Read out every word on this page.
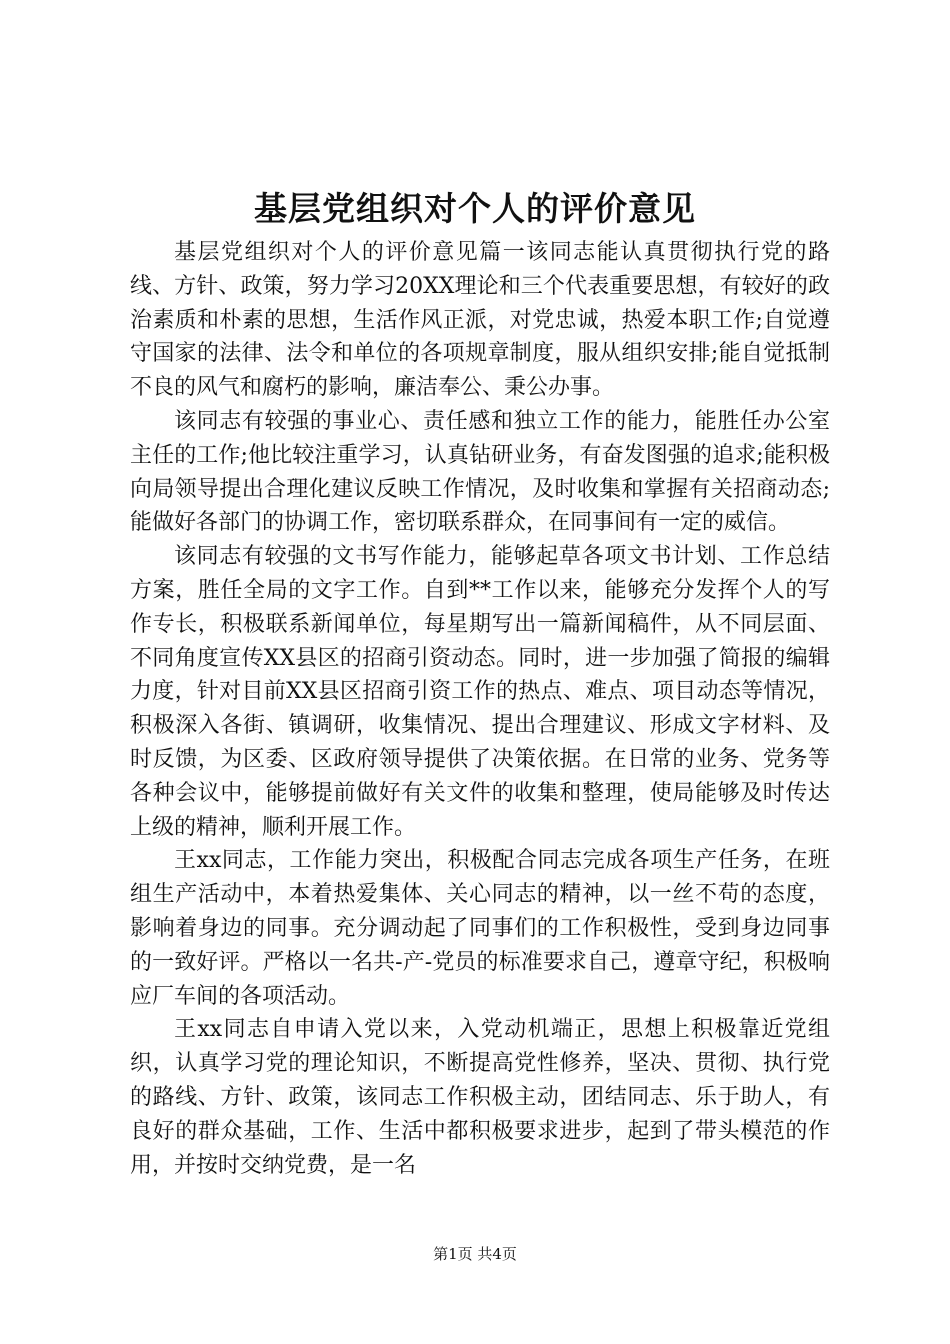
基层党组织对个人的评价意见

基层党组织对个人的评价意见篇一该同志能认真贯彻执行党的路线、方针、政策，努力学习20XX理论和三个代表重要思想，有较好的政治素质和朴素的思想，生活作风正派，对党忠诚，热爱本职工作;自觉遵守国家的法律、法令和单位的各项规章制度，服从组织安排;能自觉抵制不良的风气和腐朽的影响，廉洁奉公、秉公办事。

该同志有较强的事业心、责任感和独立工作的能力，能胜任办公室主任的工作;他比较注重学习，认真钻研业务，有奋发图强的追求;能积极向局领导提出合理化建议反映工作情况，及时收集和掌握有关招商动态;能做好各部门的协调工作，密切联系群众，在同事间有一定的威信。

该同志有较强的文书写作能力，能够起草各项文书计划、工作总结方案，胜任全局的文字工作。自到**工作以来，能够充分发挥个人的写作专长，积极联系新闻单位，每星期写出一篇新闻稿件，从不同层面、不同角度宣传XX县区的招商引资动态。同时，进一步加强了简报的编辑力度，针对目前XX县区招商引资工作的热点、难点、项目动态等情况，积极深入各街、镇调研，收集情况、提出合理建议、形成文字材料、及时反馈，为区委、区政府领导提供了决策依据。在日常的业务、党务等各种会议中，能够提前做好有关文件的收集和整理，使局能够及时传达上级的精神，顺利开展工作。

王xx同志，工作能力突出，积极配合同志完成各项生产任务，在班组生产活动中，本着热爱集体、关心同志的精神，以一丝不苟的态度，影响着身边的同事。充分调动起了同事们的工作积极性，受到身边同事的一致好评。严格以一名共-产-党员的标准要求自己，遵章守纪，积极响应厂车间的各项活动。

王xx同志自申请入党以来，入党动机端正，思想上积极靠近党组织，认真学习党的理论知识，不断提高党性修养，坚决、贯彻、执行党的路线、方针、政策，该同志工作积极主动，团结同志、乐于助人，有良好的群众基础，工作、生活中都积极要求进步，起到了带头模范的作用，并按时交纳党费，是一名

第1页 共4页
